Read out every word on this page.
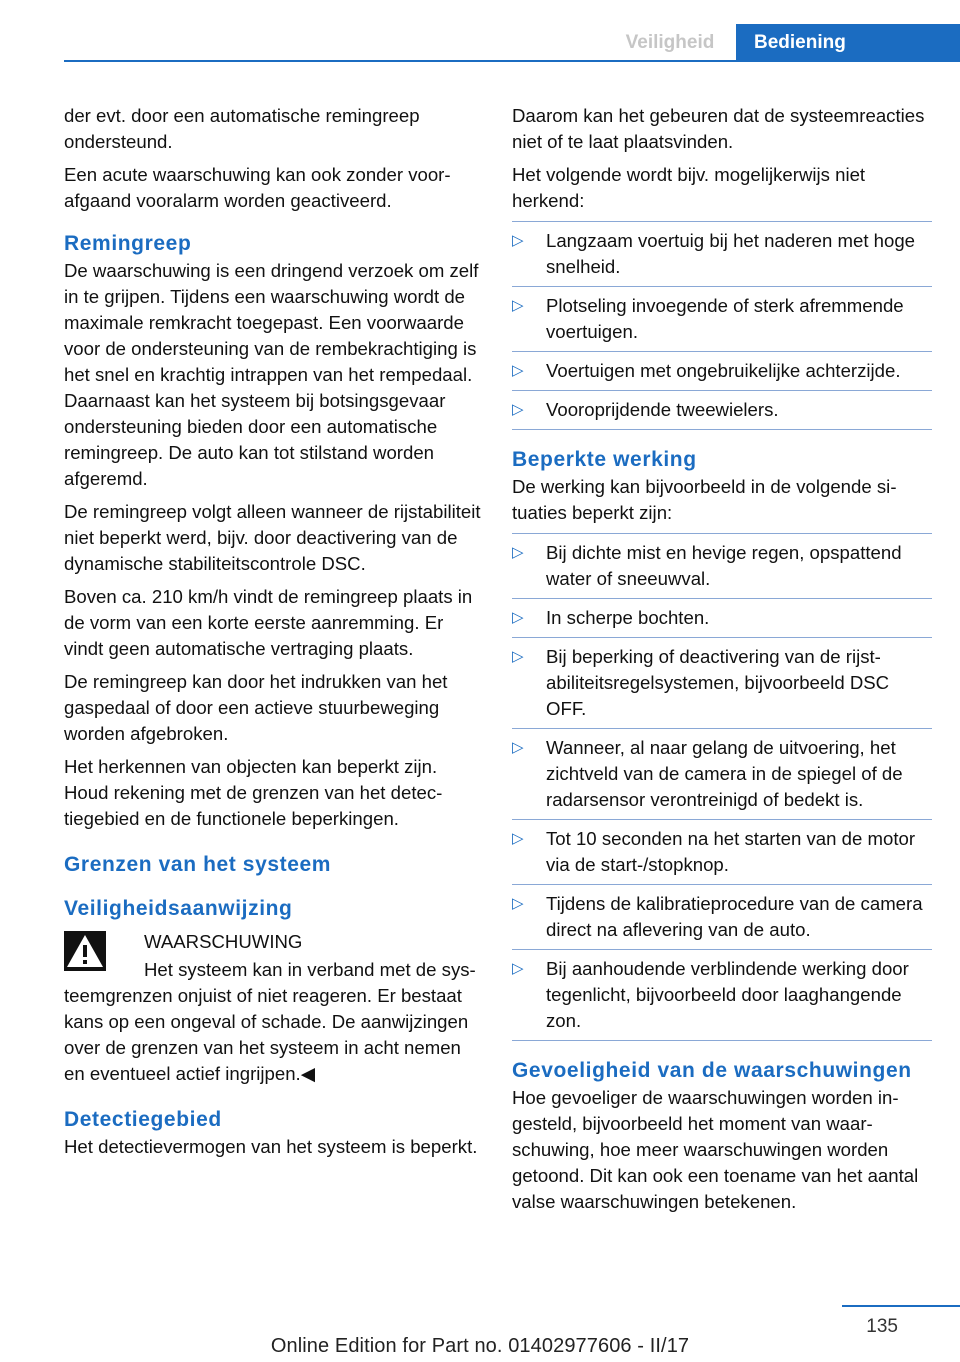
Veiligheid	Bediening

der evt. door een automatische remingreep ondersteund.

Een acute waarschuwing kan ook zonder voorafgaand vooralarm worden geactiveerd.

Remingreep

De waarschuwing is een dringend verzoek om zelf in te grijpen. Tijdens een waarschuwing wordt de maximale remkracht toegepast. Een voorwaarde voor de ondersteuning van de rembekrachtiging is het snel en krachtig intrappen van het rempedaal. Daarnaast kan het systeem bij botsingsgevaar ondersteuning bieden door een automatische remingreep. De auto kan tot stilstand worden afgeremd.

De remingreep volgt alleen wanneer de rijstabiliteit niet beperkt werd, bijv. door deactivering van de dynamische stabiliteitscontrole DSC.

Boven ca. 210 km/h vindt de remingreep plaats in de vorm van een korte eerste aanremming. Er vindt geen automatische vertraging plaats.

De remingreep kan door het indrukken van het gaspedaal of door een actieve stuurbeweging worden afgebroken.

Het herkennen van objecten kan beperkt zijn. Houd rekening met de grenzen van het detectiegebied en de functionele beperkingen.

Grenzen van het systeem
Veiligheidsaanwijzing

WAARSCHUWING

Het systeem kan in verband met de systeemgrenzen onjuist of niet reageren. Er bestaat kans op een ongeval of schade. De aanwijzingen over de grenzen van het systeem in acht nemen en eventueel actief ingrijpen.◀

Detectiegebied

Het detectievermogen van het systeem is beperkt.

Daarom kan het gebeuren dat de systeemreacties niet of te laat plaatsvinden.

Het volgende wordt bijv. mogelijkerwijs niet herkend:

▷ Langzaam voertuig bij het naderen met hoge snelheid.
▷ Plotseling invoegende of sterk afremmende voertuigen.
▷ Voertuigen met ongebruikelijke achterzijde.
▷ Vooroprijdende tweewielers.
Beperkte werking

De werking kan bijvoorbeeld in de volgende situaties beperkt zijn:

▷ Bij dichte mist en hevige regen, opspattend water of sneeuwval.
▷ In scherpe bochten.
▷ Bij beperking of deactivering van de rijstabiliteitsregelsystemen, bijvoorbeeld DSC OFF.
▷ Wanneer, al naar gelang de uitvoering, het zichtveld van de camera in de spiegel of de radarsensor verontreinigd of bedekt is.
▷ Tot 10 seconden na het starten van de motor via de start-/stopknop.
▷ Tijdens de kalibratieprocedure van de camera direct na aflevering van de auto.
▷ Bij aanhoudende verblindende werking door tegenlicht, bijvoorbeeld door laaghangende zon.
Gevoeligheid van de waarschuwingen

Hoe gevoeliger de waarschuwingen worden ingesteld, bijvoorbeeld het moment van waarschuwing, hoe meer waarschuwingen worden getoond. Dit kan ook een toename van het aantal valse waarschuwingen betekenen.

135
Online Edition for Part no. 01402977606 - II/17
